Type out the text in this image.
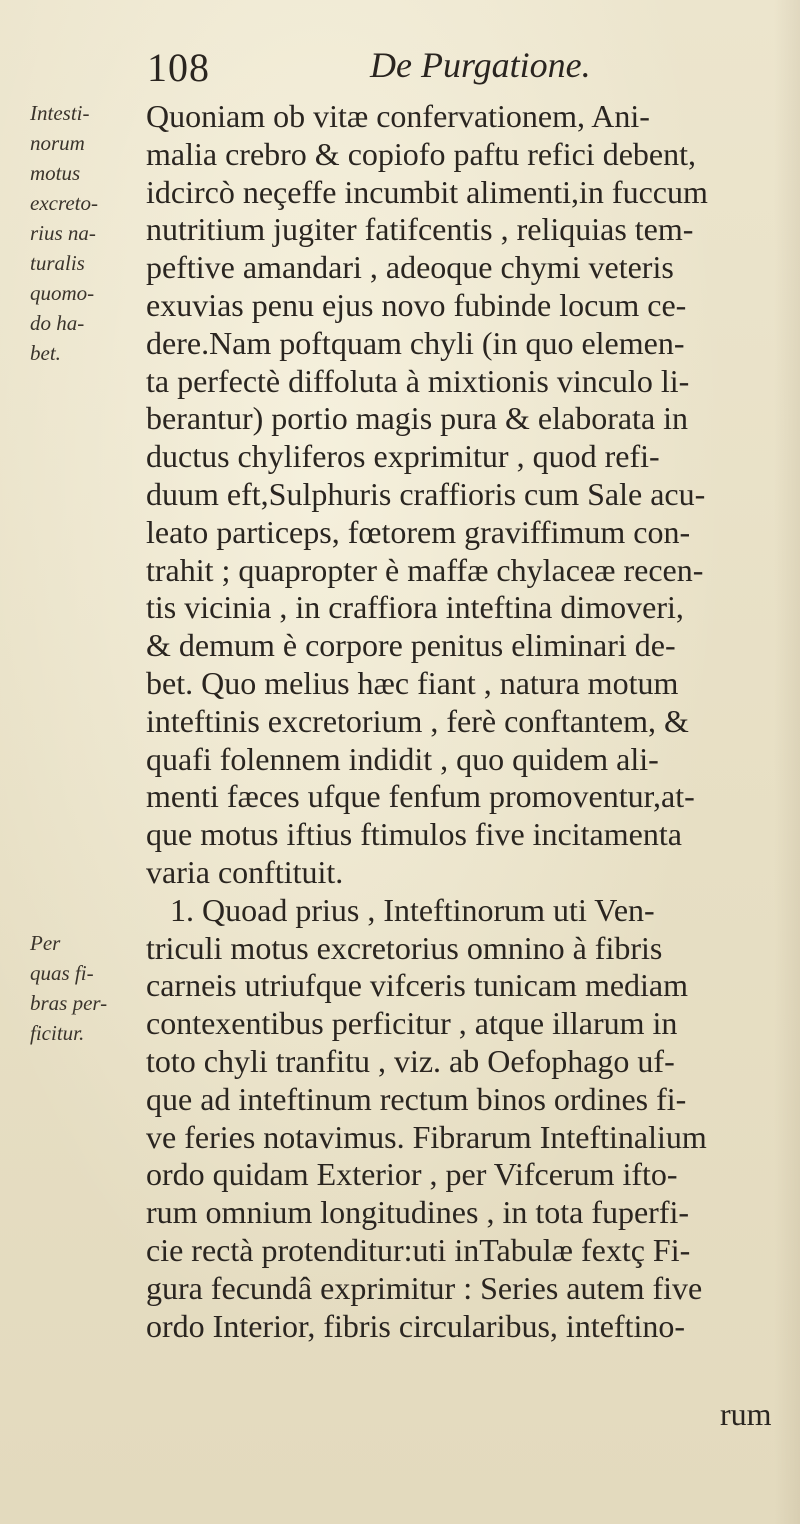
108	De Purgatione.
Intesti-
norum
motus
excreto-
rius na-
turalis
quomo-
do ha-
bet.
Per
quas fi-
bras per-
ficitur.
Quoniam ob vitæ confervationem, Ani-
malia crebro & copiofo paftu refici debent,
idcircò neçeffe incumbit alimenti,in fuccum
nutritium jugiter fatifcentis , reliquias tem-
peftive amandari , adeoque chymi veteris
exuvias penu ejus novo fubinde locum ce-
dere.Nam poftquam chyli (in quo elemen-
ta perfectè diffoluta à mixtionis vinculo li-
berantur) portio magis pura & elaborata in
ductus chyliferos exprimitur , quod refi-
duum eft,Sulphuris craffioris cum Sale acu-
leato particeps, fœtorem graviffimum con-
trahit ; quapropter è maffæ chylaceæ recen-
tis vicinia , in craffiora inteftina dimoveri,
& demum è corpore penitus eliminari de-
bet. Quo melius hæc fiant , natura motum
inteftinis excretorium , ferè conftantem, &
quafi folennem indidit , quo quidem ali-
menti fæces ufque fenfum promoventur,at-
que motus iftius ftimulos five incitamenta
varia conftituit.
1. Quoad prius , Inteftinorum uti Ven-
triculi motus excretorius omnino à fibris
carneis utriufque vifceris tunicam mediam
contexentibus perficitur , atque illarum in
toto chyli tranfitu , viz. ab Oefophago uf-
que ad inteftinum rectum binos ordines fi-
ve feries notavimus. Fibrarum Inteftinalium
ordo quidam Exterior , per Vifcerum ifto-
rum omnium longitudines , in tota fuperfi-
cie rectà protenditur:uti inTabulæ fextç Fi-
gura fecundâ exprimitur : Series autem five
ordo Interior, fibris circularibus, inteftino-
rum
